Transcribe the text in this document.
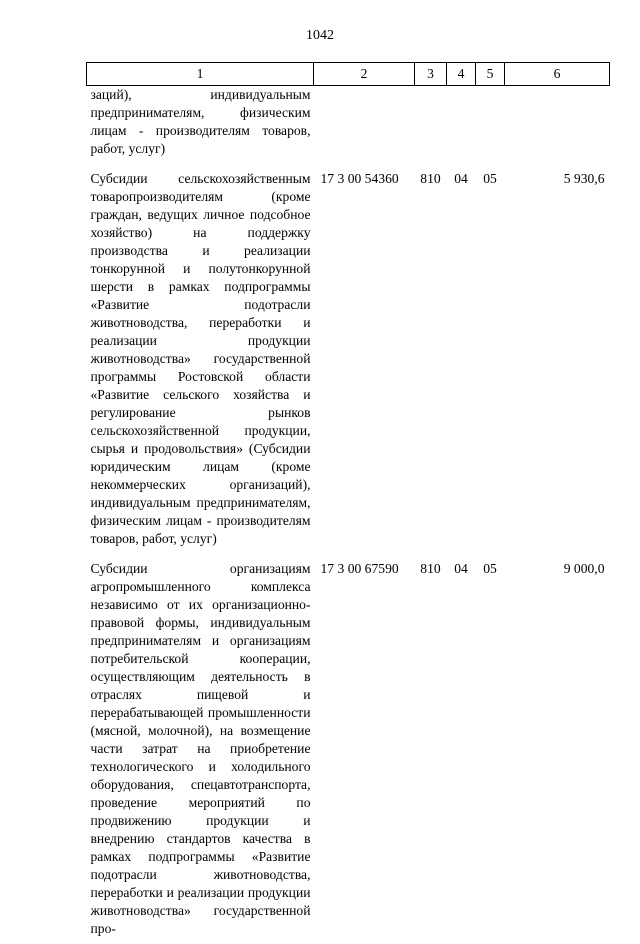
1042
1	2	3	4	5	6
заций), индивидуальным предпринимателям, физическим лицам - производителям товаров, работ, услуг)					
Субсидии сельскохозяйственным товаропроизводителям (кроме граждан, ведущих личное подсобное хозяйство) на поддержку производства и реализации тонкорунной и полутонкорунной шерсти в рамках подпрограммы «Развитие подотрасли животноводства, переработки и реализации продукции животноводства» государственной программы Ростовской области «Развитие сельского хозяйства и регулирование рынков сельскохозяйственной продукции, сырья и продовольствия» (Субсидии юридическим лицам (кроме некоммерческих организаций), индивидуальным предпринимателям, физическим лицам - производителям товаров, работ, услуг)	17 3 00 54360	810	04	05	5 930,6
Субсидии организациям агропромышленного комплекса независимо от их организационно-правовой формы, индивидуальным предпринимателям и организациям потребительской кооперации, осуществляющим деятельность в отраслях пищевой и перерабатывающей промышленности (мясной, молочной), на возмещение части затрат на приобретение технологического и холодильного оборудования, спецавтотранспорта, проведение мероприятий по продвижению продукции и внедрению стандартов качества в рамках подпрограммы «Развитие подотрасли животноводства, переработки и реализации продукции животноводства» государственной про-	17 3 00 67590	810	04	05	9 000,0
